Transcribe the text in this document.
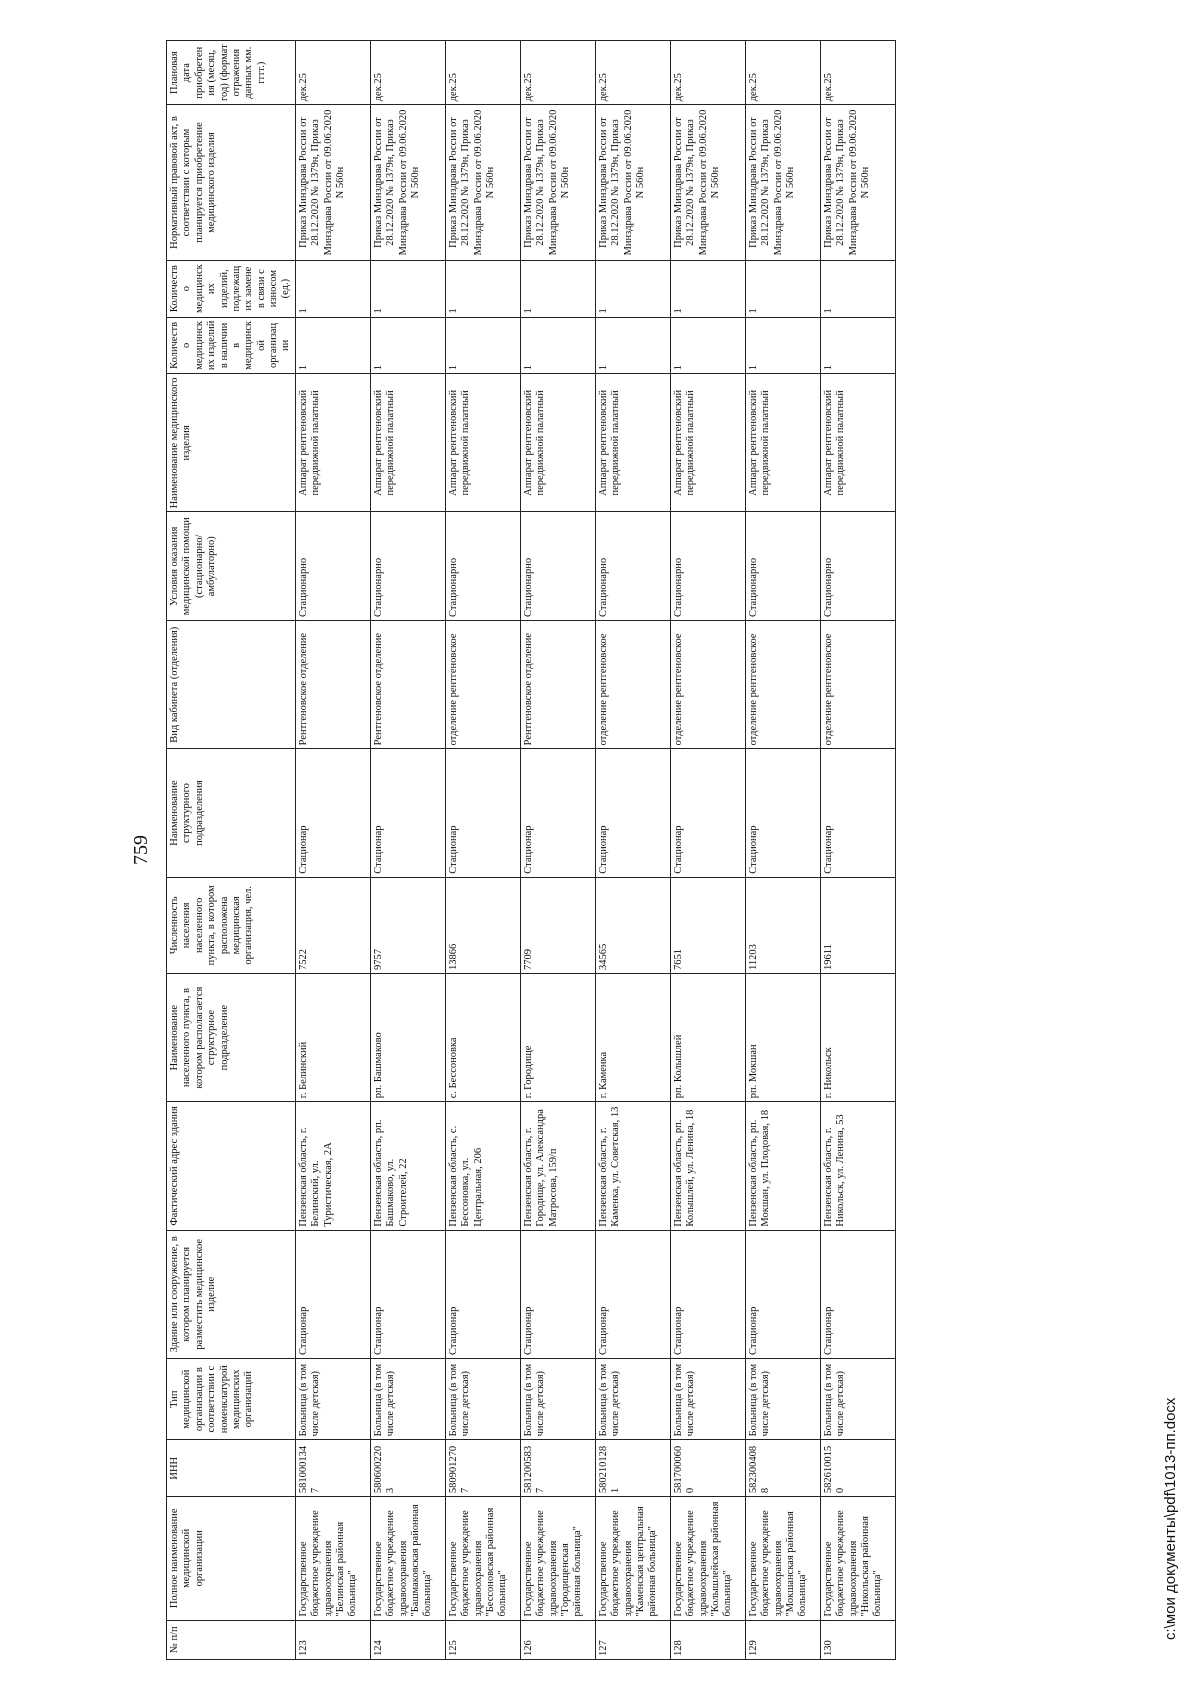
759
№ п/п	Полное наименование медицинской организации	ИНН	Тип медицинской организации в соответствии с номенклатурой медицинских организаций	Здание или сооружение, в котором планируется разместить медицинское изделие	Фактический адрес здания	Наименование населенного пункта, в котором располагается структурное подразделение	Численность населения населенного пункта, в котором расположена медицинская организация, чел.	Наименование структурного подразделения	Вид кабинета (отделения)	Условия оказания медицинской помощи (стационарно/амбулаторно)	Наименование медицинского изделия	Количество медицинских изделий в наличии в медицинской организации	Количество медицинских изделий, подлежащих замене в связи с износом (ед.)	Нормативный правовой акт, в соответствии с которым планируется приобретение медицинского изделия	Плановая дата приобретения (месяц, год) (формат отражения данных мм. гггг.)
123	Государственное бюджетное учреждение здравоохранения "Белинская районная больница"	5810001347	Больница (в том числе детская)	Стационар	Пензенская область, г. Белинский, ул. Туристическая, 2А	г. Белинский	7522	Стационар	Рентгеновское отделение	Стационарно	Аппарат рентгеновский передвижной палатный	1	1	Приказ Минздрава России от 28.12.2020 № 1379н, Приказ Минздрава России от 09.06.2020 N 560н	дек.25
124	Государственное бюджетное учреждение здравоохранения "Башмаковская районная больница"	5806002203	Больница (в том числе детская)	Стационар	Пензенская область, рп. Башмаково, ул. Строителей, 22	рп. Башмаково	9757	Стационар	Рентгеновское отделение	Стационарно	Аппарат рентгеновский передвижной палатный	1	1	Приказ Минздрава России от 28.12.2020 № 1379н, Приказ Минздрава России от 09.06.2020 N 560н	дек.25
125	Государственное бюджетное учреждение здравоохранения "Бессоновская районная больница"	5809012707	Больница (в том числе детская)	Стационар	Пензенская область, с. Бессоновка, ул. Центральная, 206	с. Бессоновка	13866	Стационар	отделение рентгеновское	Стационарно	Аппарат рентгеновский передвижной палатный	1	1	Приказ Минздрава России от 28.12.2020 № 1379н, Приказ Минздрава России от 09.06.2020 N 560н	дек.25
126	Государственное бюджетное учреждение здравоохранения "Городищенская районная больница"	5812005837	Больница (в том числе детская)	Стационар	Пензенская область, г. Городище, ул. Александра Матросова, 159/п	г. Городище	7709	Стационар	Рентгеновское отделение	Стационарно	Аппарат рентгеновский передвижной палатный	1	1	Приказ Минздрава России от 28.12.2020 № 1379н, Приказ Минздрава России от 09.06.2020 N 560н	дек.25
127	Государственное бюджетное учреждение здравоохранения "Каменская центральная районная больница"	5802101281	Больница (в том числе детская)	Стационар	Пензенская область, г. Каменка, ул. Советская, 13	г. Каменка	34565	Стационар	отделение рентгеновское	Стационарно	Аппарат рентгеновский передвижной палатный	1	1	Приказ Минздрава России от 28.12.2020 № 1379н, Приказ Минздрава России от 09.06.2020 N 560н	дек.25
128	Государственное бюджетное учреждение здравоохранения "Колышлейская районная больница"	5817000600	Больница (в том числе детская)	Стационар	Пензенская область, рп. Колышлей, ул. Ленина, 18	рп. Колышлей	7651	Стационар	отделение рентгеновское	Стационарно	Аппарат рентгеновский передвижной палатный	1	1	Приказ Минздрава России от 28.12.2020 № 1379н, Приказ Минздрава России от 09.06.2020 N 560н	дек.25
129	Государственное бюджетное учреждение здравоохранения "Мокшанская районная больница"	5823004088	Больница (в том числе детская)	Стационар	Пензенская область, рп. Мокшан, ул. Плодовая, 18	рп. Мокшан	11203	Стационар	отделение рентгеновское	Стационарно	Аппарат рентгеновский передвижной палатный	1	1	Приказ Минздрава России от 28.12.2020 № 1379н, Приказ Минздрава России от 09.06.2020 N 560н	дек.25
130	Государственное бюджетное учреждение здравоохранения "Никольская районная больница"	5826100150	Больница (в том числе детская)	Стационар	Пензенская область, г. Никольск, ул. Ленина, 53	г. Никольск	19611	Стационар	отделение рентгеновское	Стационарно	Аппарат рентгеновский передвижной палатный	1	1	Приказ Минздрава России от 28.12.2020 № 1379н, Приказ Минздрава России от 09.06.2020 N 560н	дек.25
c:\мои документы\pdf\1013-пп.docx
